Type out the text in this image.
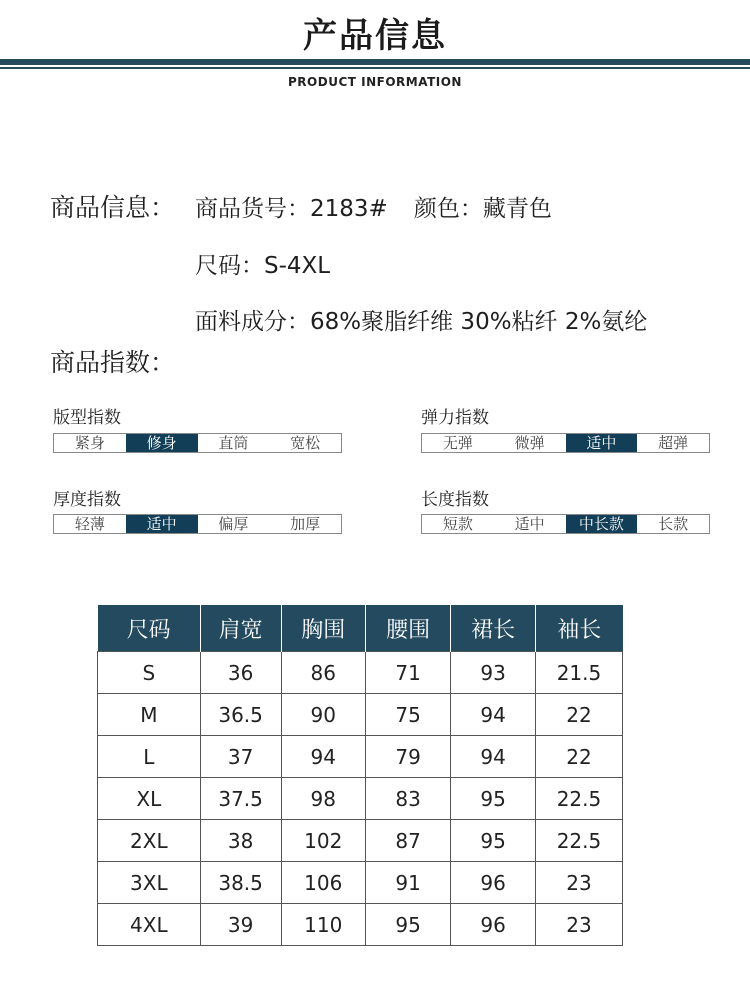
产品信息
PRODUCT INFORMATION
商品信息： 商品货号：2183# 颜色：藏青色
尺码：S-4XL
面料成分：68%聚脂纤维 30%粘纤 2%氨纶
商品指数：
版型指数
紧身	修身	直筒	宽松
弹力指数
无弹	微弹	适中	超弹
厚度指数
轻薄	适中	偏厚	加厚
长度指数
短款	适中	中长款	长款
尺码	肩宽	胸围	腰围	裙长	袖长
S	36	86	71	93	21.5
M	36.5	90	75	94	22
L	37	94	79	94	22
XL	37.5	98	83	95	22.5
2XL	38	102	87	95	22.5
3XL	38.5	106	91	96	23
4XL	39	110	95	96	23
